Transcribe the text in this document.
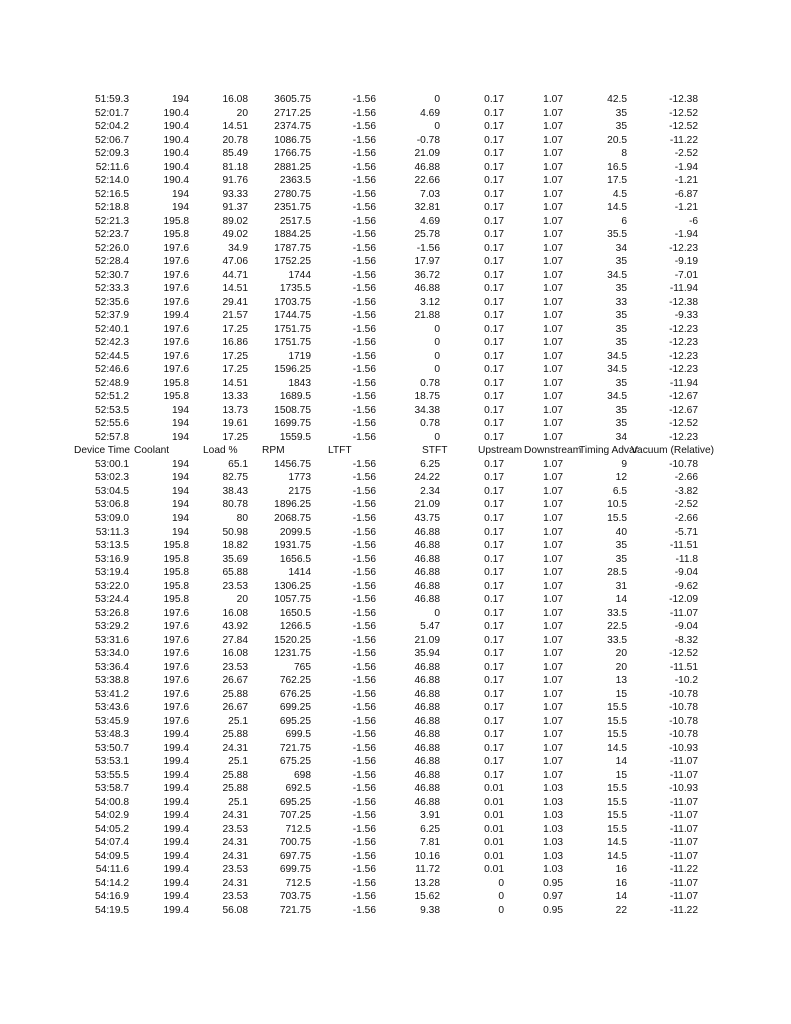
51:59.3	194	16.08	3605.75	-1.56	0	0.17	1.07	42.5	-12.38
52:01.7	190.4	20	2717.25	-1.56	4.69	0.17	1.07	35	-12.52
52:04.2	190.4	14.51	2374.75	-1.56	0	0.17	1.07	35	-12.52
52:06.7	190.4	20.78	1086.75	-1.56	-0.78	0.17	1.07	20.5	-11.22
52:09.3	190.4	85.49	1766.75	-1.56	21.09	0.17	1.07	8	-2.52
52:11.6	190.4	81.18	2881.25	-1.56	46.88	0.17	1.07	16.5	-1.94
52:14.0	190.4	91.76	2363.5	-1.56	22.66	0.17	1.07	17.5	-1.21
52:16.5	194	93.33	2780.75	-1.56	7.03	0.17	1.07	4.5	-6.87
52:18.8	194	91.37	2351.75	-1.56	32.81	0.17	1.07	14.5	-1.21
52:21.3	195.8	89.02	2517.5	-1.56	4.69	0.17	1.07	6	-6
52:23.7	195.8	49.02	1884.25	-1.56	25.78	0.17	1.07	35.5	-1.94
52:26.0	197.6	34.9	1787.75	-1.56	-1.56	0.17	1.07	34	-12.23
52:28.4	197.6	47.06	1752.25	-1.56	17.97	0.17	1.07	35	-9.19
52:30.7	197.6	44.71	1744	-1.56	36.72	0.17	1.07	34.5	-7.01
52:33.3	197.6	14.51	1735.5	-1.56	46.88	0.17	1.07	35	-11.94
52:35.6	197.6	29.41	1703.75	-1.56	3.12	0.17	1.07	33	-12.38
52:37.9	199.4	21.57	1744.75	-1.56	21.88	0.17	1.07	35	-9.33
52:40.1	197.6	17.25	1751.75	-1.56	0	0.17	1.07	35	-12.23
52:42.3	197.6	16.86	1751.75	-1.56	0	0.17	1.07	35	-12.23
52:44.5	197.6	17.25	1719	-1.56	0	0.17	1.07	34.5	-12.23
52:46.6	197.6	17.25	1596.25	-1.56	0	0.17	1.07	34.5	-12.23
52:48.9	195.8	14.51	1843	-1.56	0.78	0.17	1.07	35	-11.94
52:51.2	195.8	13.33	1689.5	-1.56	18.75	0.17	1.07	34.5	-12.67
52:53.5	194	13.73	1508.75	-1.56	34.38	0.17	1.07	35	-12.67
52:55.6	194	19.61	1699.75	-1.56	0.78	0.17	1.07	35	-12.52
52:57.8	194	17.25	1559.5	-1.56	0	0.17	1.07	34	-12.23
Device Time	Coolant	Load %	RPM	LTFT	STFT	Upstream	Downstream	Timing Advar	Vacuum (Relative)
53:00.1	194	65.1	1456.75	-1.56	6.25	0.17	1.07	9	-10.78
53:02.3	194	82.75	1773	-1.56	24.22	0.17	1.07	12	-2.66
53:04.5	194	38.43	2175	-1.56	2.34	0.17	1.07	6.5	-3.82
53:06.8	194	80.78	1896.25	-1.56	21.09	0.17	1.07	10.5	-2.52
53:09.0	194	80	2068.75	-1.56	43.75	0.17	1.07	15.5	-2.66
53:11.3	194	50.98	2099.5	-1.56	46.88	0.17	1.07	40	-5.71
53:13.5	195.8	18.82	1931.75	-1.56	46.88	0.17	1.07	35	-11.51
53:16.9	195.8	35.69	1656.5	-1.56	46.88	0.17	1.07	35	-11.8
53:19.4	195.8	65.88	1414	-1.56	46.88	0.17	1.07	28.5	-9.04
53:22.0	195.8	23.53	1306.25	-1.56	46.88	0.17	1.07	31	-9.62
53:24.4	195.8	20	1057.75	-1.56	46.88	0.17	1.07	14	-12.09
53:26.8	197.6	16.08	1650.5	-1.56	0	0.17	1.07	33.5	-11.07
53:29.2	197.6	43.92	1266.5	-1.56	5.47	0.17	1.07	22.5	-9.04
53:31.6	197.6	27.84	1520.25	-1.56	21.09	0.17	1.07	33.5	-8.32
53:34.0	197.6	16.08	1231.75	-1.56	35.94	0.17	1.07	20	-12.52
53:36.4	197.6	23.53	765	-1.56	46.88	0.17	1.07	20	-11.51
53:38.8	197.6	26.67	762.25	-1.56	46.88	0.17	1.07	13	-10.2
53:41.2	197.6	25.88	676.25	-1.56	46.88	0.17	1.07	15	-10.78
53:43.6	197.6	26.67	699.25	-1.56	46.88	0.17	1.07	15.5	-10.78
53:45.9	197.6	25.1	695.25	-1.56	46.88	0.17	1.07	15.5	-10.78
53:48.3	199.4	25.88	699.5	-1.56	46.88	0.17	1.07	15.5	-10.78
53:50.7	199.4	24.31	721.75	-1.56	46.88	0.17	1.07	14.5	-10.93
53:53.1	199.4	25.1	675.25	-1.56	46.88	0.17	1.07	14	-11.07
53:55.5	199.4	25.88	698	-1.56	46.88	0.17	1.07	15	-11.07
53:58.7	199.4	25.88	692.5	-1.56	46.88	0.01	1.03	15.5	-10.93
54:00.8	199.4	25.1	695.25	-1.56	46.88	0.01	1.03	15.5	-11.07
54:02.9	199.4	24.31	707.25	-1.56	3.91	0.01	1.03	15.5	-11.07
54:05.2	199.4	23.53	712.5	-1.56	6.25	0.01	1.03	15.5	-11.07
54:07.4	199.4	24.31	700.75	-1.56	7.81	0.01	1.03	14.5	-11.07
54:09.5	199.4	24.31	697.75	-1.56	10.16	0.01	1.03	14.5	-11.07
54:11.6	199.4	23.53	699.75	-1.56	11.72	0.01	1.03	16	-11.22
54:14.2	199.4	24.31	712.5	-1.56	13.28	0	0.95	16	-11.07
54:16.9	199.4	23.53	703.75	-1.56	15.62	0	0.97	14	-11.07
54:19.5	199.4	56.08	721.75	-1.56	9.38	0	0.95	22	-11.22
